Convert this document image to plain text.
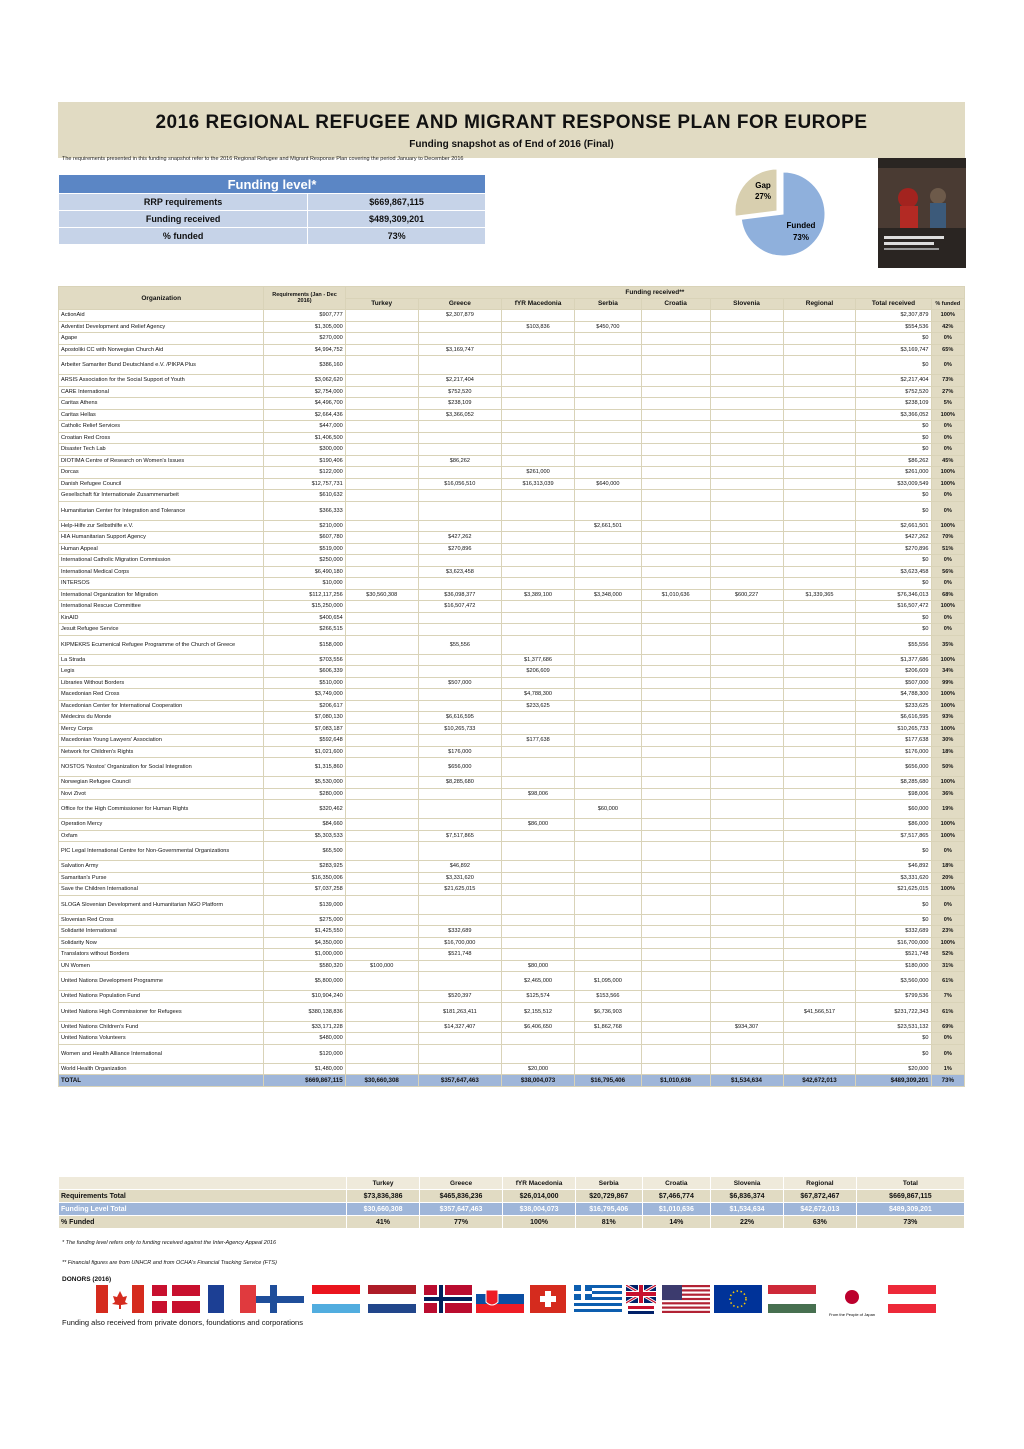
2016 REGIONAL REFUGEE AND MIGRANT RESPONSE PLAN FOR EUROPE
Funding snapshot as of End of 2016 (Final)
The requirements presented in this funding snapshot refer to the 2016 Regional Refugee and Migrant Response Plan covering the period January to December 2016
Funding level*	
RRP requirements	$669,867,115
Funding received	$489,309,201
% funded	73%
Gap
27%
Funded
73%
Organization	Requirements (Jan - Dec 2016)	Funding received**								
		Turkey	Greece	fYR Macedonia	Serbia	Croatia	Slovenia	Regional	Total received	% funded
ActionAid	$907,777		$2,307,879						$2,307,879	100%
Adventist Development and Relief Agency	$1,305,000			$103,836	$450,700				$554,536	42%
Agape	$270,000								$0	0%
Apostoliki CC with Norwegian Church Aid	$4,994,752		$3,169,747						$3,169,747	65%
Arbeiter Samariter Bund Deutschland e.V. /PIKPA Plus	$386,160								$0	0%
ARSIS Association for the Social Support of Youth	$3,062,620		$2,217,404						$2,217,404	73%
CARE International	$2,754,000		$752,520						$752,520	27%
Caritas Athens	$4,496,700		$238,109						$238,109	5%
Caritas Hellas	$2,664,436		$3,366,052						$3,366,052	100%
Catholic Relief Services	$447,000								$0	0%
Croatian Red Cross	$1,406,500								$0	0%
Disaster Tech Lab	$300,000								$0	0%
DIOTIMA Centre of Research on Women's Issues	$190,406		$86,262						$86,262	45%
Dorcas	$122,000			$261,000					$261,000	100%
Danish Refugee Council	$12,757,731		$16,056,510	$16,313,039	$640,000				$33,009,549	100%
Gesellschaft für Internationale Zusammenarbeit	$610,632								$0	0%
Humanitarian Center for Integration and Tolerance	$366,333								$0	0%
Help-Hilfe zur Selbsthilfe e.V.	$210,000				$2,661,501				$2,661,501	100%
HIA Humanitarian Support Agency	$607,780		$427,262						$427,262	70%
Human Appeal	$519,000		$270,896						$270,896	51%
International Catholic Migration Commission	$250,000								$0	0%
International Medical Corps	$6,490,180		$3,623,458						$3,623,458	56%
INTERSOS	$10,000								$0	0%
International Organization for Migration	$112,117,256	$30,560,308	$36,098,377	$3,389,100	$3,348,000	$1,010,636	$600,227	$1,339,365	$76,346,013	68%
International Rescue Committee	$15,250,000		$16,507,472						$16,507,472	100%
KinAID	$400,654								$0	0%
Jesuit Refugee Service	$266,515								$0	0%
KIPMEKRS Ecumenical Refugee Programme of the Church of Greece	$158,000		$55,556						$55,556	35%
La Strada	$703,556			$1,377,686					$1,377,686	100%
Legis	$606,339			$206,609					$206,609	34%
Libraries Without Borders	$510,000		$507,000						$507,000	99%
Macedonian Red Cross	$3,749,000			$4,788,300					$4,788,300	100%
Macedonian Center for International Cooperation	$206,617			$233,625					$233,625	100%
Médecins du Monde	$7,080,130		$6,616,595						$6,616,595	93%
Mercy Corps	$7,083,187		$10,265,733						$10,265,733	100%
Macedonian Young Lawyers' Association	$592,648			$177,638					$177,638	30%
Network for Children's Rights	$1,021,600		$176,000						$176,000	18%
NOSTOS 'Nostos' Organization for Social Integration	$1,315,860		$656,000						$656,000	50%
Norwegian Refugee Council	$5,530,000		$8,285,680						$8,285,680	100%
Novi Zivot	$280,000			$98,006					$98,006	36%
Office for the High Commissioner for Human Rights	$320,462				$60,000				$60,000	19%
Operation Mercy	$84,660			$86,000					$86,000	100%
Oxfam	$5,303,533		$7,517,865						$7,517,865	100%
PIC Legal International Centre for Non-Governmental Organizations	$65,500								$0	0%
Salvation Army	$283,925		$46,892						$46,892	18%
Samaritan's Purse	$16,350,006		$3,331,620						$3,331,620	20%
Save the Children International	$7,037,258		$21,625,015						$21,625,015	100%
SLOGA Slovenian Development and Humanitarian NGO Platform	$139,000								$0	0%
Slovenian Red Cross	$275,000								$0	0%
Solidarité International	$1,425,550		$332,689						$332,689	23%
Solidarity Now	$4,350,000		$16,700,000						$16,700,000	100%
Translators without Borders	$1,000,000		$521,748						$521,748	52%
UN Women	$580,320	$100,000		$80,000					$180,000	31%
United Nations Development Programme	$5,800,000			$2,465,000	$1,095,000				$3,560,000	61%
United Nations Population Fund	$10,904,240		$520,397	$125,574	$153,566				$799,536	7%
United Nations High Commissioner for Refugees	$380,138,836		$181,263,411	$2,155,512	$6,736,903			$41,566,517	$231,722,343	61%
United Nations Children's Fund	$33,171,228		$14,327,407	$6,406,650	$1,862,768		$934,307		$23,531,132	69%
United Nations Volunteers	$480,000								$0	0%
Women and Health Alliance International	$120,000								$0	0%
World Health Organization	$1,480,000			$20,000					$20,000	1%
TOTAL	$669,867,115	$30,660,308	$357,647,463	$38,004,073	$16,795,406	$1,010,636	$1,534,634	$42,672,013	$489,309,201	73%
	Turkey	Greece	fYR Macedonia	Serbia	Croatia	Slovenia	Regional	Total
Requirements Total	$73,836,386	$465,836,236	$26,014,000	$20,729,867	$7,466,774	$6,836,374	$67,872,467	$669,867,115
Funding Level Total	$30,660,308	$357,647,463	$38,004,073	$16,795,406	$1,010,636	$1,534,634	$42,672,013	$489,309,201
% Funded	41%	77%	100%	81%	14%	22%	63%	73%
* The funding level refers only to funding received against the Inter-Agency Appeal 2016
** Financial figures are from UNHCR and from OCHA's Financial Tracking Service (FTS)
DONORS (2016)
From the People of Japan
Funding also received from private donors, foundations and corporations
